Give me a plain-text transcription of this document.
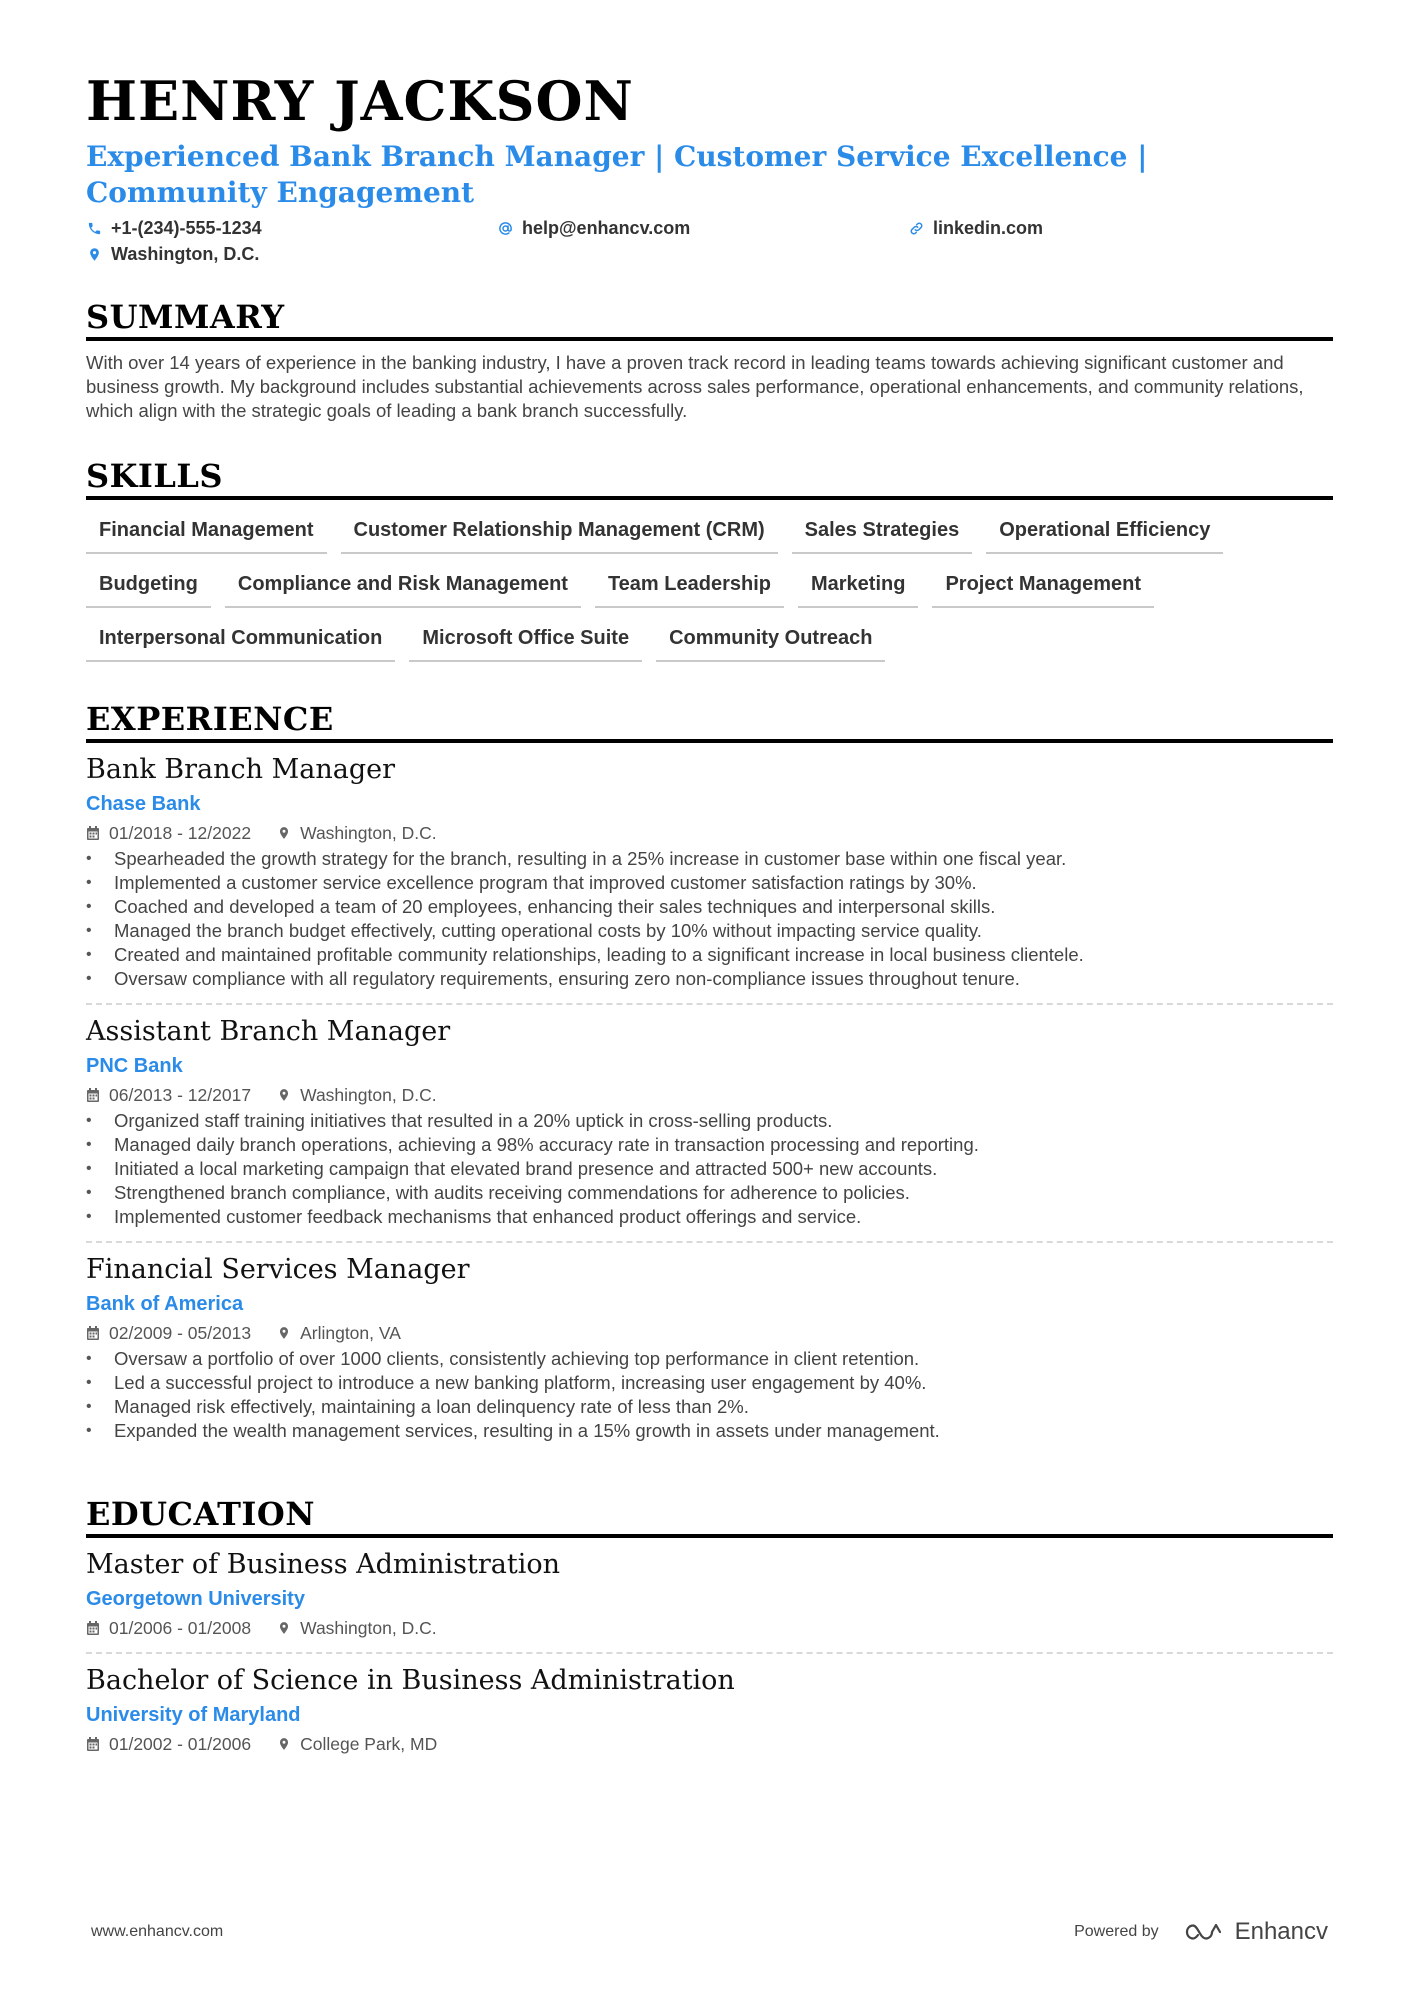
HENRY JACKSON
Experienced Bank Branch Manager | Customer Service Excellence | Community Engagement
+1-(234)-555-1234	help@enhancv.com	linkedin.com
Washington, D.C.
SUMMARY
With over 14 years of experience in the banking industry, I have a proven track record in leading teams towards achieving significant customer and business growth. My background includes substantial achievements across sales performance, operational enhancements, and community relations, which align with the strategic goals of leading a bank branch successfully.
SKILLS
Financial Management	Customer Relationship Management (CRM)	Sales Strategies	Operational Efficiency
Budgeting	Compliance and Risk Management	Team Leadership	Marketing	Project Management
Interpersonal Communication	Microsoft Office Suite	Community Outreach
EXPERIENCE
Bank Branch Manager
Chase Bank
01/2018 - 12/2022	Washington, D.C.
• Spearheaded the growth strategy for the branch, resulting in a 25% increase in customer base within one fiscal year.
• Implemented a customer service excellence program that improved customer satisfaction ratings by 30%.
• Coached and developed a team of 20 employees, enhancing their sales techniques and interpersonal skills.
• Managed the branch budget effectively, cutting operational costs by 10% without impacting service quality.
• Created and maintained profitable community relationships, leading to a significant increase in local business clientele.
• Oversaw compliance with all regulatory requirements, ensuring zero non-compliance issues throughout tenure.
Assistant Branch Manager
PNC Bank
06/2013 - 12/2017	Washington, D.C.
• Organized staff training initiatives that resulted in a 20% uptick in cross-selling products.
• Managed daily branch operations, achieving a 98% accuracy rate in transaction processing and reporting.
• Initiated a local marketing campaign that elevated brand presence and attracted 500+ new accounts.
• Strengthened branch compliance, with audits receiving commendations for adherence to policies.
• Implemented customer feedback mechanisms that enhanced product offerings and service.
Financial Services Manager
Bank of America
02/2009 - 05/2013	Arlington, VA
• Oversaw a portfolio of over 1000 clients, consistently achieving top performance in client retention.
• Led a successful project to introduce a new banking platform, increasing user engagement by 40%.
• Managed risk effectively, maintaining a loan delinquency rate of less than 2%.
• Expanded the wealth management services, resulting in a 15% growth in assets under management.
EDUCATION
Master of Business Administration
Georgetown University
01/2006 - 01/2008	Washington, D.C.
Bachelor of Science in Business Administration
University of Maryland
01/2002 - 01/2006	College Park, MD
www.enhancv.com	Powered by	Enhancv
